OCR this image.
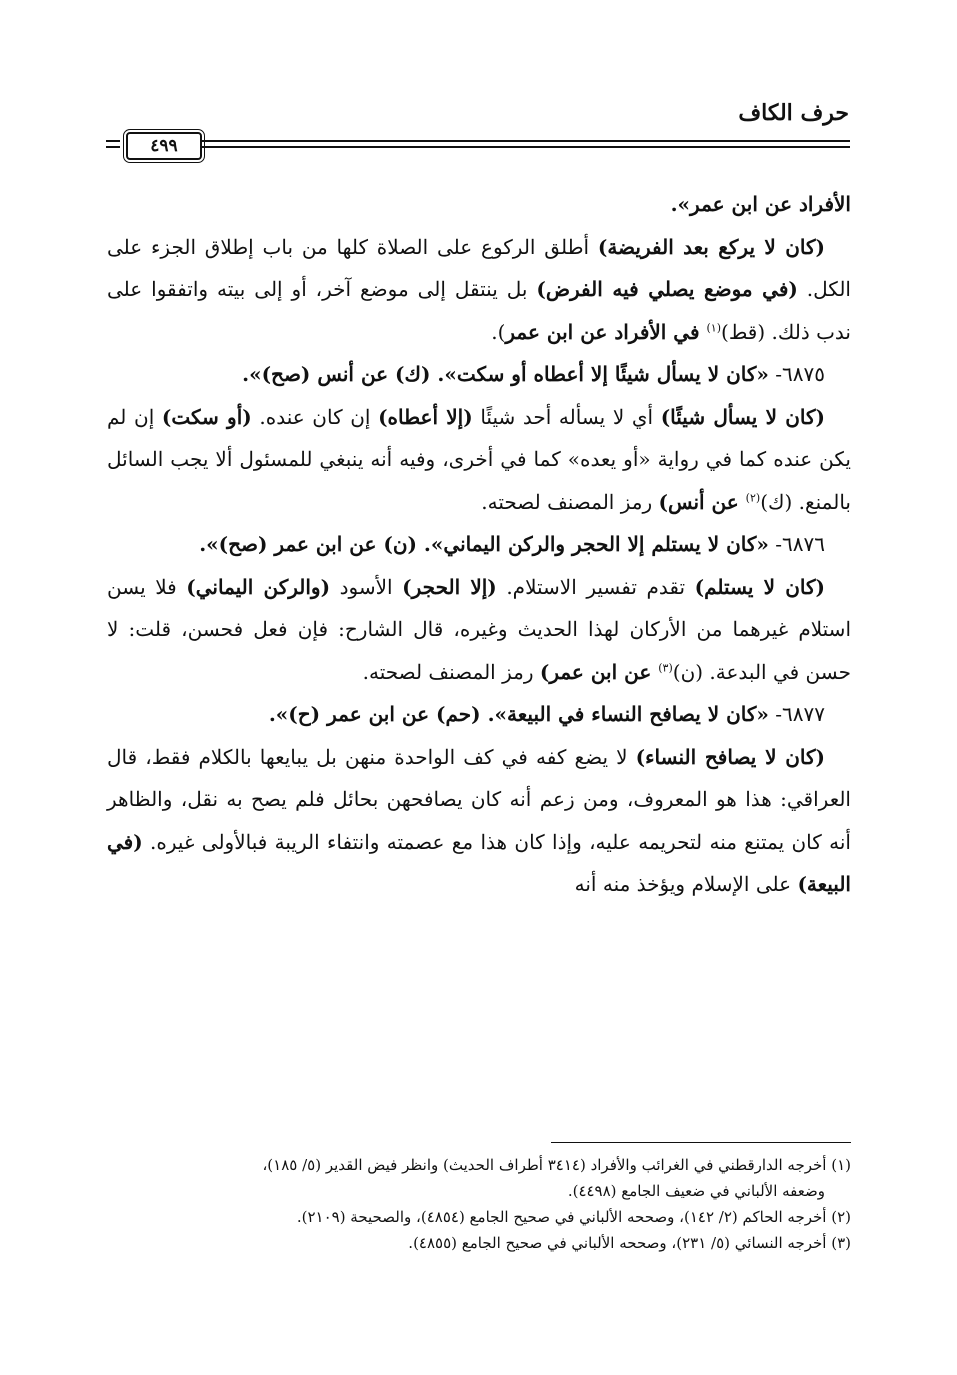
حرف الكاف
٤٩٩

الأفراد عن ابن عمر».

(كان لا يركع بعد الفريضة) أطلق الركوع على الصلاة كلها من باب إطلاق الجزء على الكل. (في موضع يصلي فيه الفرض) بل ينتقل إلى موضع آخر، أو إلى بيته واتفقوا على ندب ذلك. (قط)$^{(١)}$ في الأفراد عن ابن عمر).

٦٨٧٥- «كان لا يسأل شيئًا إلا أعطاه أو سكت». (ك) عن أنس (صح)».

(كان لا يسأل شيئًا) أي لا يسأله أحد شيئًا (إلا أعطاه) إن كان عنده. (أو سكت) إن لم يكن عنده كما في رواية «أو يعده» كما في أخرى، وفيه أنه ينبغي للمسئول ألا يجب السائل بالمنع. (ك)$^{(٢)}$ عن أنس) رمز المصنف لصحته.

٦٨٧٦- «كان لا يستلم إلا الحجر والركن اليماني». (ن) عن ابن عمر (صح)».

(كان لا يستلم) تقدم تفسير الاستلام. (إلا الحجر) الأسود (والركن اليماني) فلا يسن استلام غيرهما من الأركان لهذا الحديث وغيره، قال الشارح: فإن فعل فحسن، قلت: لا حسن في البدعة. (ن)$^{(٣)}$ عن ابن عمر) رمز المصنف لصحته.

٦٨٧٧- «كان لا يصافح النساء في البيعة». (حم) عن ابن عمر (ح)».

(كان لا يصافح النساء) لا يضع كفه في كف الواحدة منهن بل يبايعها بالكلام فقط، قال العراقي: هذا هو المعروف، ومن زعم أنه كان يصافحهن بحائل فلم يصح به نقل، والظاهر أنه كان يمتنع منه لتحريمه عليه، وإذا كان هذا مع عصمته وانتفاء الريبة فبالأولى غيره. (في البيعة) على الإسلام ويؤخذ منه أنه

(١) أخرجه الدارقطني في الغرائب والأفراد (٣٤١٤ أطراف الحديث) وانظر فيض القدير (٥/ ١٨٥)،

وضعفه الألباني في ضعيف الجامع (٤٤٩٨).

(٢) أخرجه الحاكم (٢/ ١٤٢)، وصححه الألباني في صحيح الجامع (٤٨٥٤)، والصحيحة (٢١٠٩).

(٣) أخرجه النسائي (٥/ ٢٣١)، وصححه الألباني في صحيح الجامع (٤٨٥٥).
